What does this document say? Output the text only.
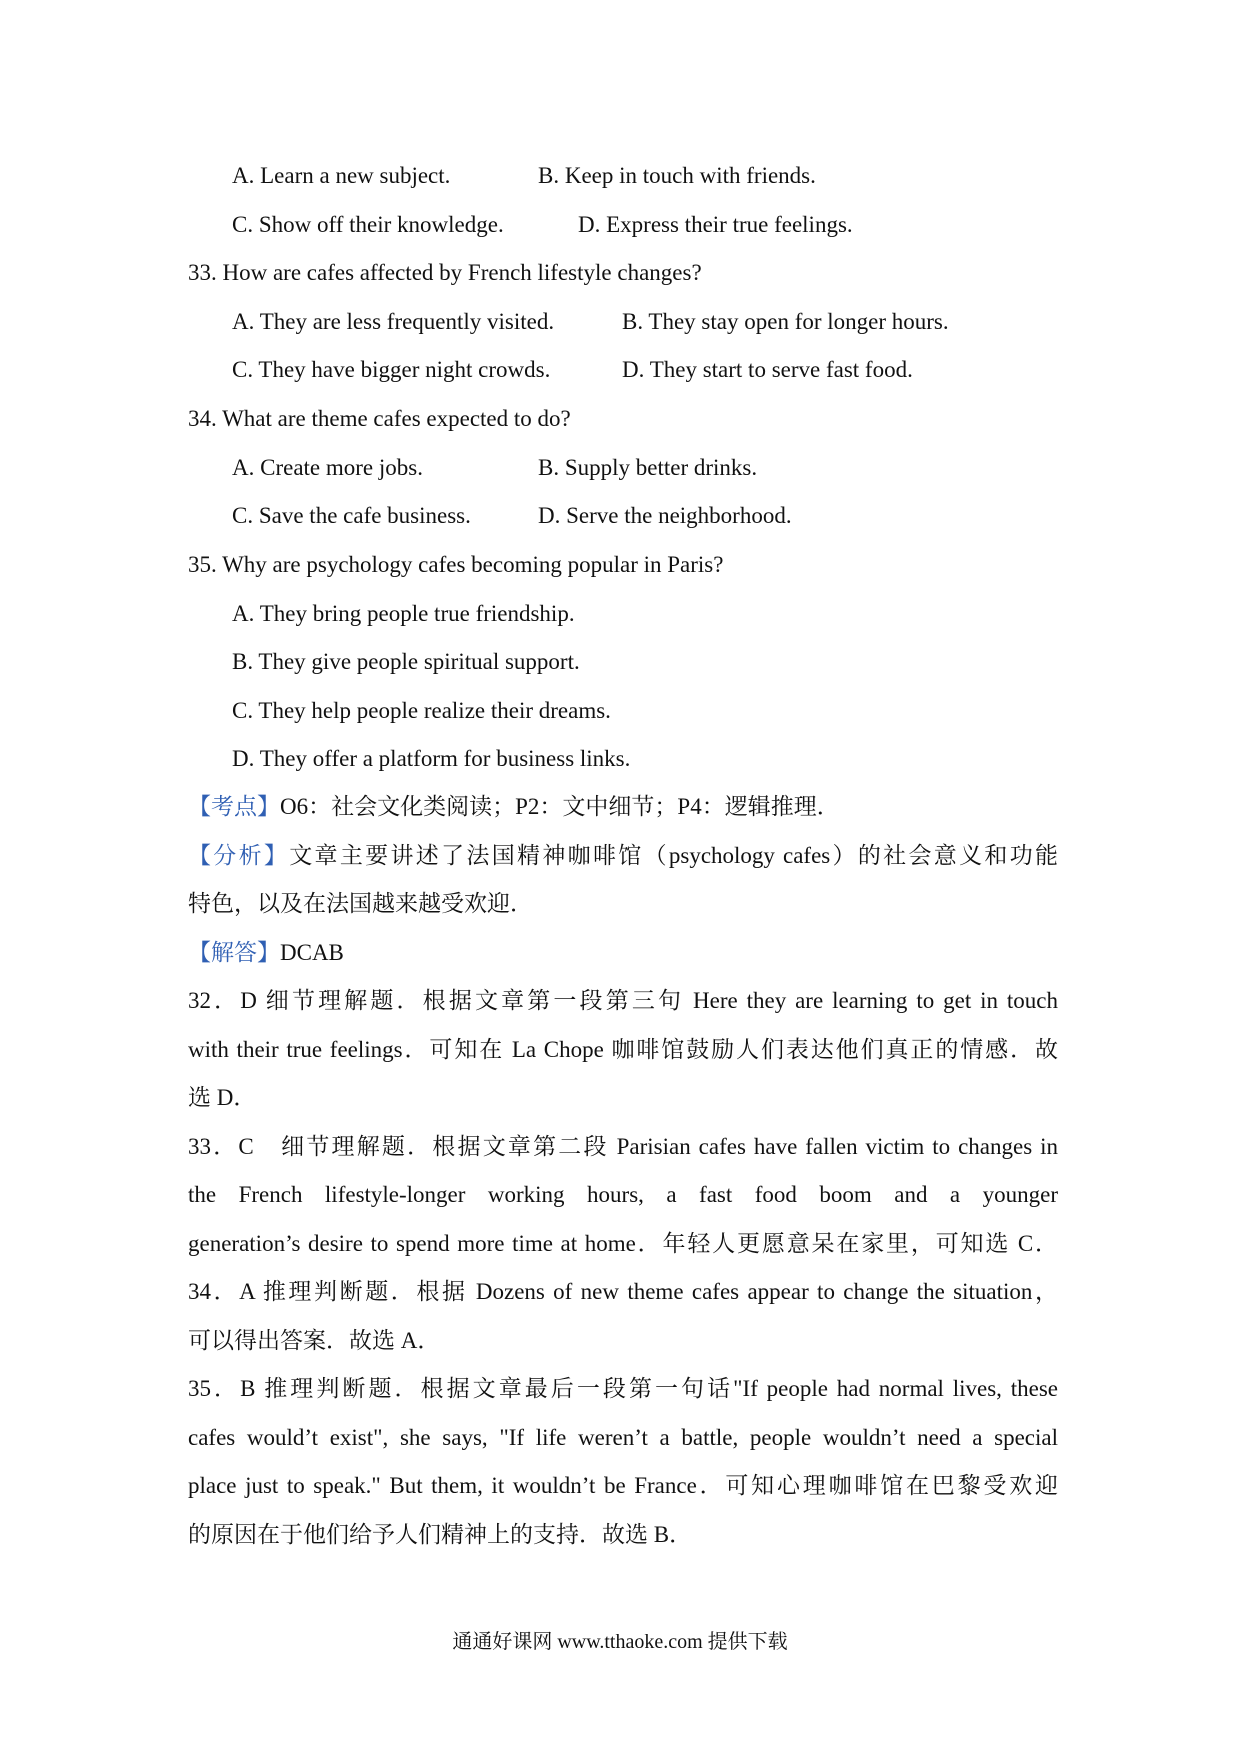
A. Learn a new subject.	B. Keep in touch with friends.
C. Show off their knowledge.	D. Express their true feelings.
33. How are cafes affected by French lifestyle changes?
A. They are less frequently visited.	B. They stay open for longer hours.
C. They have bigger night crowds.	D. They start to serve fast food.
34. What are theme cafes expected to do?
A. Create more jobs.	B. Supply better drinks.
C. Save the cafe business.	D. Serve the neighborhood.
35. Why are psychology cafes becoming popular in Paris?
A. They bring people true friendship.
B. They give people spiritual support.
C. They help people realize their dreams.
D. They offer a platform for business links.
【考点】O6：社会文化类阅读；P2：文中细节；P4：逻辑推理．
【分析】文章主要讲述了法国精神咖啡馆（psychology cafes）的社会意义和功能
特色，以及在法国越来越受欢迎．
【解答】DCAB
32．D 细节理解题．根据文章第一段第三句 Here they are learning to get in touch
with their true feelings．可知在 La Chope 咖啡馆鼓励人们表达他们真正的情感．故
选 D．
33．C　细节理解题．根据文章第二段 Parisian cafes have fallen victim to changes in
the French lifestyle-longer working hours, a fast food boom and a younger
generation’s desire to spend more time at home．年轻人更愿意呆在家里，可知选 C．
34．A 推理判断题．根据 Dozens of new theme cafes appear to change the situation，
可以得出答案．故选 A．
35．B 推理判断题．根据文章最后一段第一句话"If people had normal lives, these
cafes would’t exist", she says, "If life weren’t a battle, people wouldn’t need a special
place just to speak." But them, it wouldn’t be France．可知心理咖啡馆在巴黎受欢迎
的原因在于他们给予人们精神上的支持．故选 B．
通通好课网 www.tthaoke.com 提供下载
